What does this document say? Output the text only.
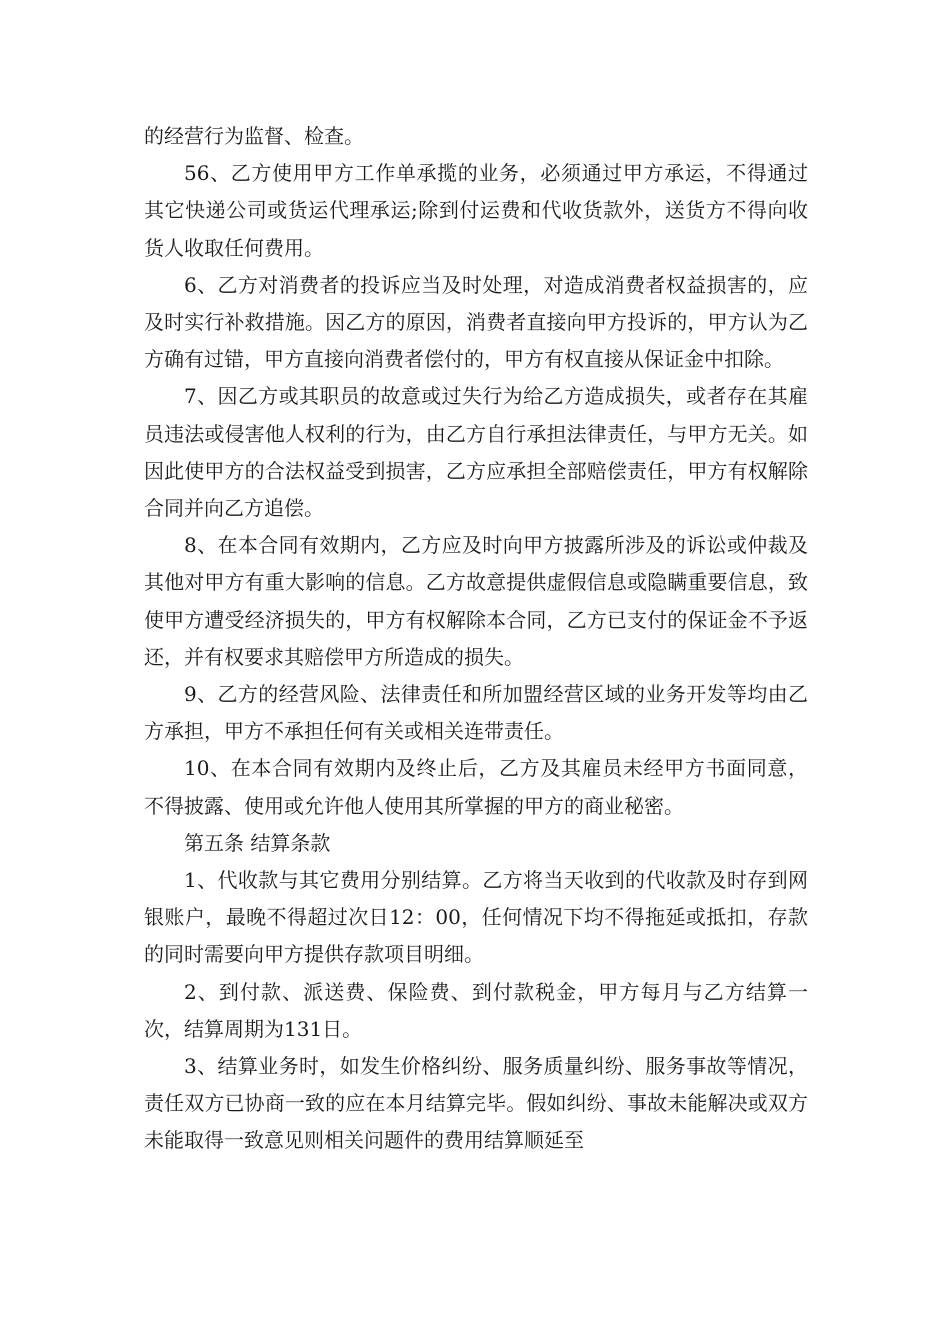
的经营行为监督、检查。

56、乙方使用甲方工作单承揽的业务，必须通过甲方承运，不得通过其它快递公司或货运代理承运;除到付运费和代收货款外，送货方不得向收货人收取任何费用。

6、乙方对消费者的投诉应当及时处理，对造成消费者权益损害的，应及时实行补救措施。因乙方的原因，消费者直接向甲方投诉的，甲方认为乙方确有过错，甲方直接向消费者偿付的，甲方有权直接从保证金中扣除。

7、因乙方或其职员的故意或过失行为给乙方造成损失，或者存在其雇员违法或侵害他人权利的行为，由乙方自行承担法律责任，与甲方无关。如因此使甲方的合法权益受到损害，乙方应承担全部赔偿责任，甲方有权解除合同并向乙方追偿。

8、在本合同有效期内，乙方应及时向甲方披露所涉及的诉讼或仲裁及其他对甲方有重大影响的信息。乙方故意提供虚假信息或隐瞒重要信息，致使甲方遭受经济损失的，甲方有权解除本合同，乙方已支付的保证金不予返还，并有权要求其赔偿甲方所造成的损失。

9、乙方的经营风险、法律责任和所加盟经营区域的业务开发等均由乙方承担，甲方不承担任何有关或相关连带责任。

10、在本合同有效期内及终止后，乙方及其雇员未经甲方书面同意，不得披露、使用或允许他人使用其所掌握的甲方的商业秘密。

第五条 结算条款

1、代收款与其它费用分别结算。乙方将当天收到的代收款及时存到网银账户，最晚不得超过次日12：00，任何情况下均不得拖延或抵扣，存款的同时需要向甲方提供存款项目明细。

2、到付款、派送费、保险费、到付款税金，甲方每月与乙方结算一次，结算周期为131日。

3、结算业务时，如发生价格纠纷、服务质量纠纷、服务事故等情况，责任双方已协商一致的应在本月结算完毕。假如纠纷、事故未能解决或双方未能取得一致意见则相关问题件的费用结算顺延至
